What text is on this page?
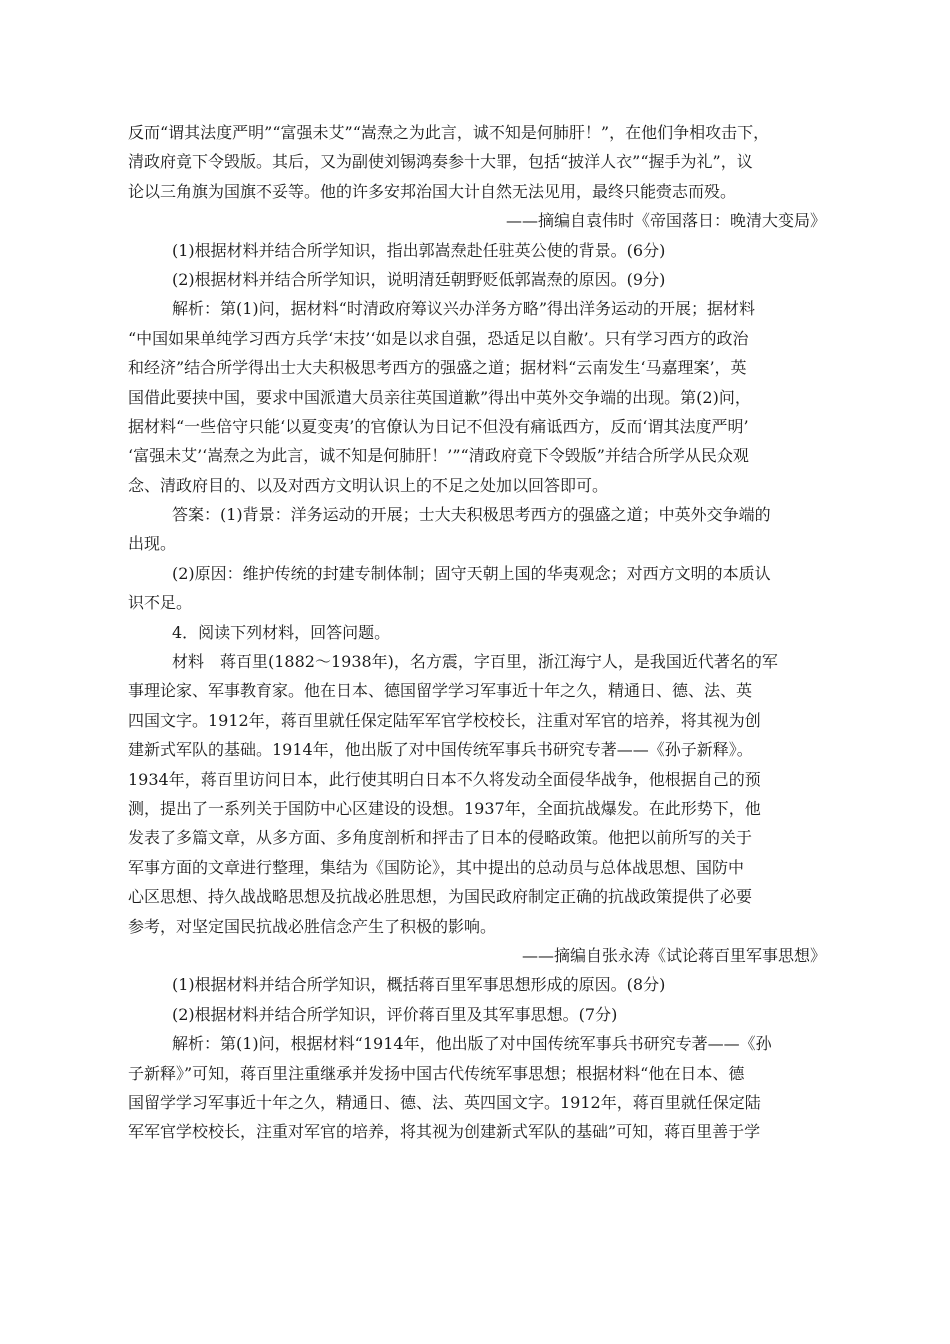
反而“谓其法度严明”“富强未艾”“嵩焘之为此言，诚不知是何肺肝！”，在他们争相攻击下，
清政府竟下令毁版。其后，又为副使刘锡鸿奏参十大罪，包括“披洋人衣”“握手为礼”，议
论以三角旗为国旗不妥等。他的许多安邦治国大计自然无法见用，最终只能赍志而殁。
——摘编自袁伟时《帝国落日：晚清大变局》
(1)根据材料并结合所学知识，指出郭嵩焘赴任驻英公使的背景。(6分)
(2)根据材料并结合所学知识，说明清廷朝野贬低郭嵩焘的原因。(9分)
解析：第(1)问，据材料“时清政府筹议兴办洋务方略”得出洋务运动的开展；据材料
“中国如果单纯学习西方兵学‘末技’‘如是以求自强，恐适足以自敝’。只有学习西方的政治
和经济”结合所学得出士大夫积极思考西方的强盛之道；据材料“云南发生‘马嘉理案’，英
国借此要挟中国，要求中国派遣大员亲往英国道歉”得出中英外交争端的出现。第(2)问，
据材料“一些倍守只能‘以夏变夷’的官僚认为日记不但没有痛诋西方，反而‘谓其法度严明’
‘富强未艾’‘嵩焘之为此言，诚不知是何肺肝！’”“清政府竟下令毁版”并结合所学从民众观
念、清政府目的、以及对西方文明认识上的不足之处加以回答即可。
答案：(1)背景：洋务运动的开展；士大夫积极思考西方的强盛之道；中英外交争端的
出现。
(2)原因：维护传统的封建专制体制；固守天朝上国的华夷观念；对西方文明的本质认
识不足。
4．阅读下列材料，回答问题。
材料　蒋百里(1882～1938年)，名方震，字百里，浙江海宁人，是我国近代著名的军
事理论家、军事教育家。他在日本、德国留学学习军事近十年之久，精通日、德、法、英
四国文字。1912年，蒋百里就任保定陆军军官学校校长，注重对军官的培养，将其视为创
建新式军队的基础。1914年，他出版了对中国传统军事兵书研究专著——《孙子新释》。
1934年，蒋百里访问日本，此行使其明白日本不久将发动全面侵华战争，他根据自己的预
测，提出了一系列关于国防中心区建设的设想。1937年，全面抗战爆发。在此形势下，他
发表了多篇文章，从多方面、多角度剖析和抨击了日本的侵略政策。他把以前所写的关于
军事方面的文章进行整理，集结为《国防论》，其中提出的总动员与总体战思想、国防中
心区思想、持久战战略思想及抗战必胜思想，为国民政府制定正确的抗战政策提供了必要
参考，对坚定国民抗战必胜信念产生了积极的影响。
——摘编自张永涛《试论蒋百里军事思想》
(1)根据材料并结合所学知识，概括蒋百里军事思想形成的原因。(8分)
(2)根据材料并结合所学知识，评价蒋百里及其军事思想。(7分)
解析：第(1)问，根据材料“1914年，他出版了对中国传统军事兵书研究专著——《孙
子新释》”可知，蒋百里注重继承并发扬中国古代传统军事思想；根据材料“他在日本、德
国留学学习军事近十年之久，精通日、德、法、英四国文字。1912年，蒋百里就任保定陆
军军官学校校长，注重对军官的培养，将其视为创建新式军队的基础”可知，蒋百里善于学
